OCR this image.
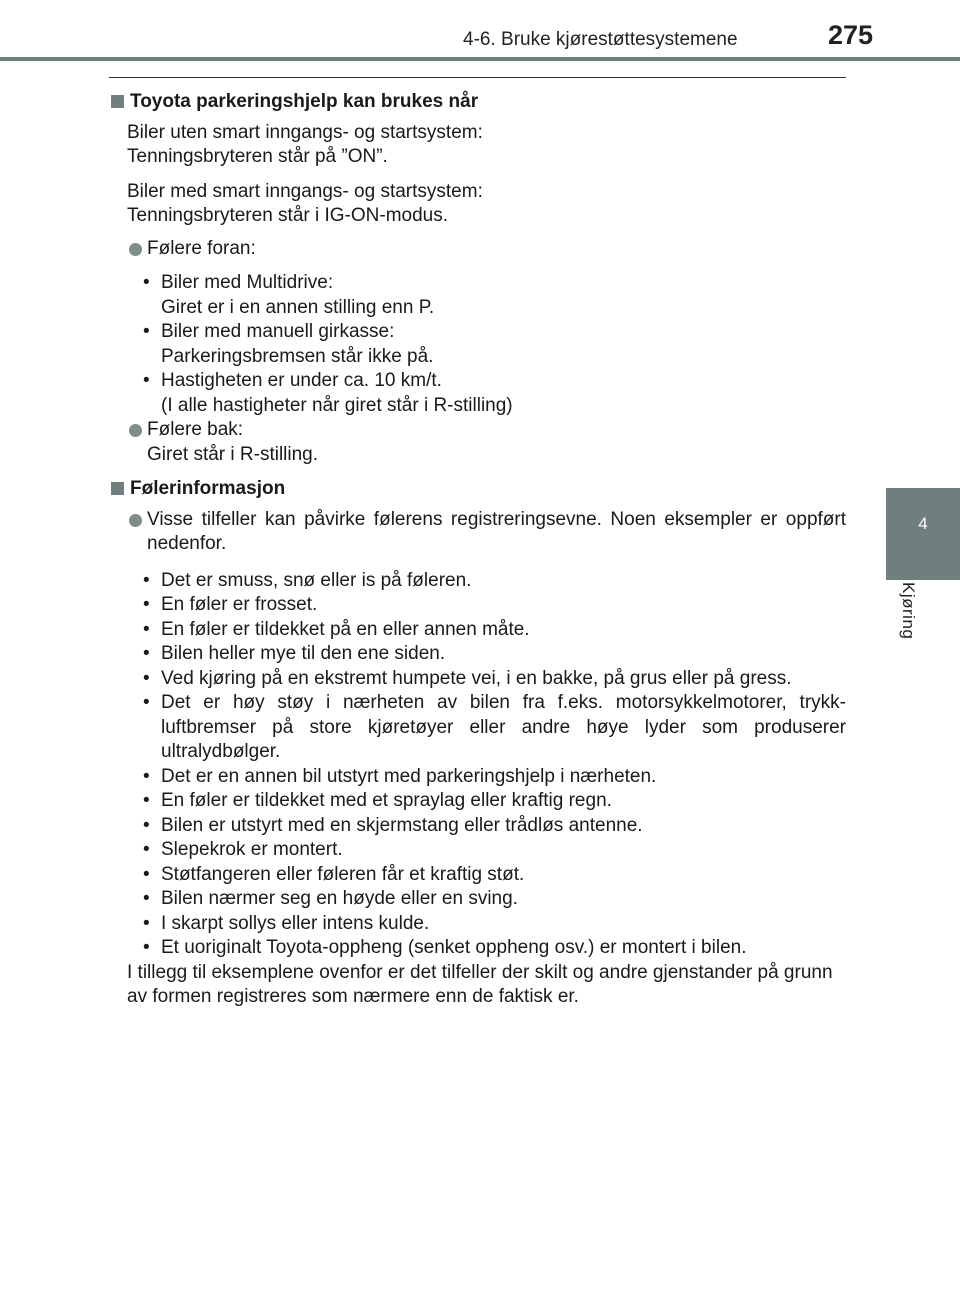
4-6. Bruke kjørestøttesystemene	275
4
Kjøring

Toyota parkeringshjelp kan brukes når

Biler uten smart inngangs- og startsystem:
Tenningsbryteren står på ”ON”.

Biler med smart inngangs- og startsystem:
Tenningsbryteren står i IG-ON-modus.

Følere foran:
• Biler med Multidrive:
Giret er i en annen stilling enn P.
• Biler med manuell girkasse:
Parkeringsbremsen står ikke på.
• Hastigheten er under ca. 10 km/t.
(I alle hastigheter når giret står i R-stilling)
Følere bak:
Giret står i R-stilling.

Følerinformasjon

Visse tilfeller kan påvirke følerens registreringsevne. Noen eksempler er oppført nedenfor.
• Det er smuss, snø eller is på føleren.
• En føler er frosset.
• En føler er tildekket på en eller annen måte.
• Bilen heller mye til den ene siden.
• Ved kjøring på en ekstremt humpete vei, i en bakke, på grus eller på gress.
• Det er høy støy i nærheten av bilen fra f.eks. motorsykkelmotorer, trykk-luftbremser på store kjøretøyer eller andre høye lyder som produserer ultralydbølger.
• Det er en annen bil utstyrt med parkeringshjelp i nærheten.
• En føler er tildekket med et spraylag eller kraftig regn.
• Bilen er utstyrt med en skjermstang eller trådløs antenne.
• Slepekrok er montert.
• Støtfangeren eller føleren får et kraftig støt.
• Bilen nærmer seg en høyde eller en sving.
• I skarpt sollys eller intens kulde.
• Et uoriginalt Toyota-oppheng (senket oppheng osv.) er montert i bilen.

I tillegg til eksemplene ovenfor er det tilfeller der skilt og andre gjenstander på grunn av formen registreres som nærmere enn de faktisk er.
